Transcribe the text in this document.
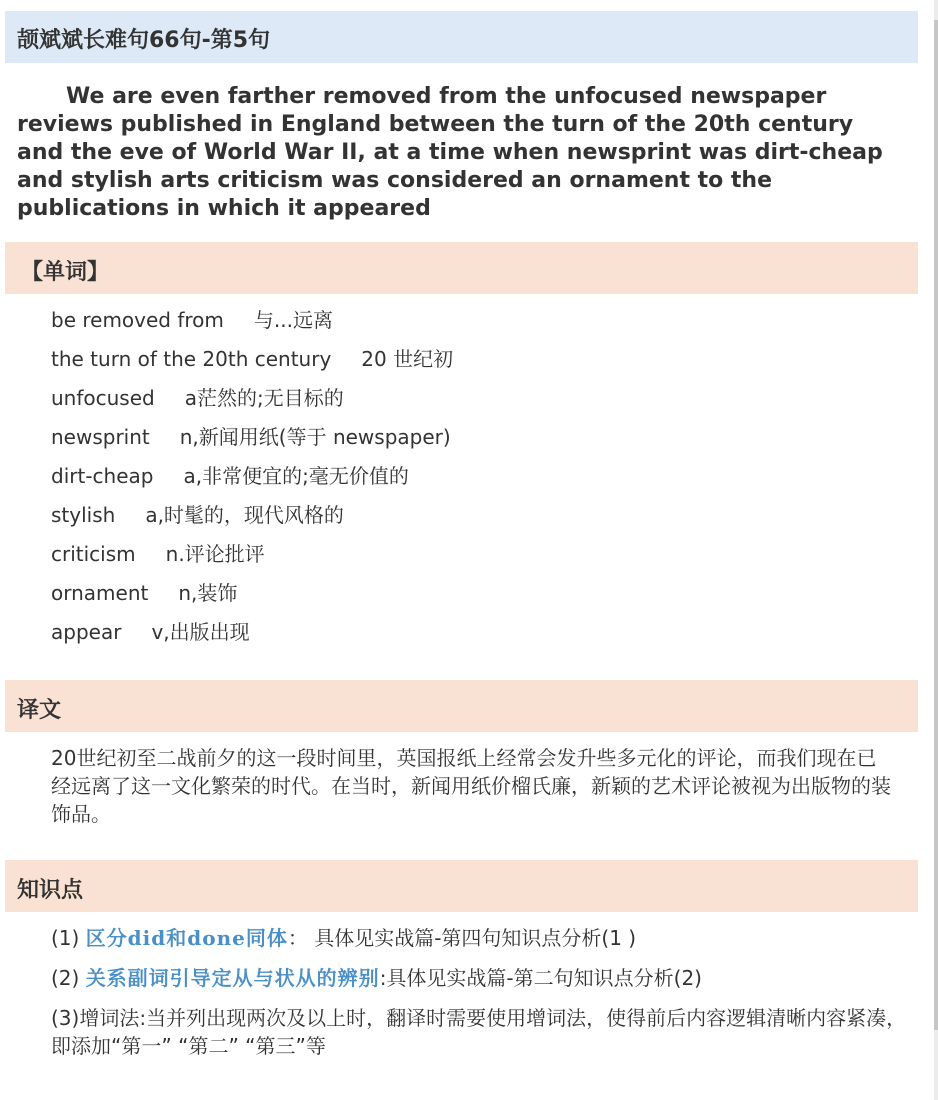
颉斌斌长难句66句-第5句

We are even farther removed from the unfocused newspaper reviews published in England between the turn of the 20th century and the eve of World War II, at a time when newsprint was dirt-cheap and stylish arts criticism was considered an ornament to the publications in which it appeared

【单词】
be removed from 与...远离
the turn of the 20th century 20 世纪初
unfocused a茫然的;无目标的
newsprint n,新闻用纸(等于 newspaper)
dirt-cheap a,非常便宜的;毫无价值的
stylish a,时髦的，现代风格的
criticism n.评论批评
ornament n,装饰
appear v,出版出现
译文

20世纪初至二战前夕的这一段时间里，英国报纸上经常会发升些多元化的评论，而我们现在已经远离了这一文化繁荣的时代。在当时，新闻用纸价榴氏廉，新颖的艺术评论被视为出版物的装饰品。

知识点
(1) 区分did和done同体： 具体见实战篇-第四句知识点分析(1 )
(2) 关系副词引导定从与状从的辨别:具体见实战篇-第二句知识点分析(2)
(3)增词法:当并列出现两次及以上时，翻译时需要使用增词法，使得前后内容逻辑清晰内容紧凑，即添加“第一” “第二” “第三”等
